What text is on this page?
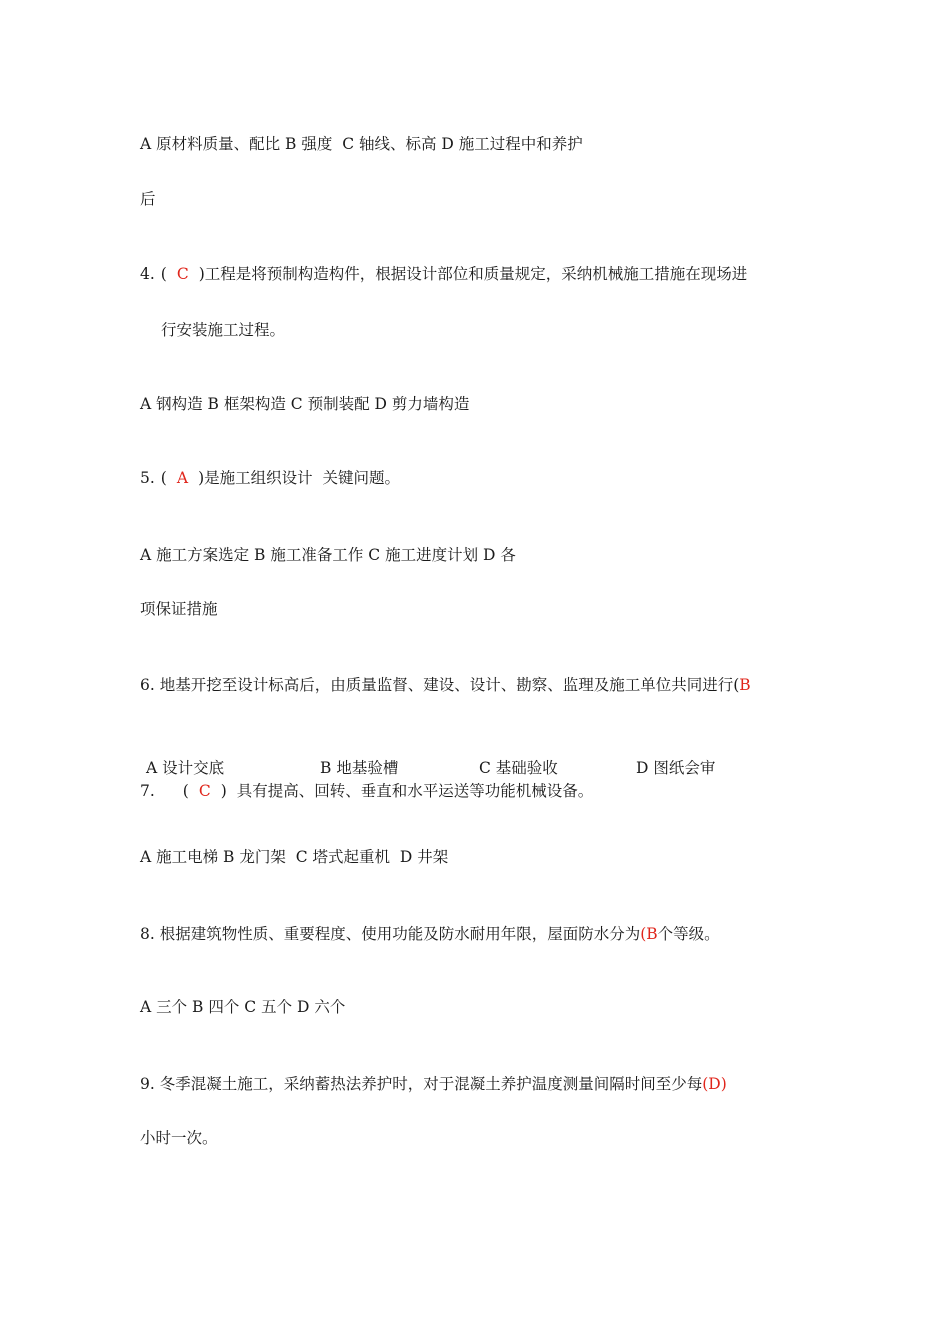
A 原材料质量、配比 B 强度  C 轴线、标高 D 施工过程中和养护
后
4. ( C )工程是将预制构造构件，根据设计部位和质量规定，采纳机械施工措施在现场进
行安装施工过程。
A 钢构造 B 框架构造 C 预制装配 D 剪力墙构造
5. ( A )是施工组织设计  关键问题。
A 施工方案选定 B 施工准备工作 C 施工进度计划 D 各
项保证措施
6. 地基开挖至设计标高后，由质量监督、建设、设计、勘察、监理及施工单位共同进行(B
A 设计交底	B 地基验槽	C 基础验收	D 图纸会审
7. ( C ) 具有提高、回转、垂直和水平运送等功能机械设备。
A 施工电梯 B 龙门架  C 塔式起重机  D 井架
8. 根据建筑物性质、重要程度、使用功能及防水耐用年限，屋面防水分为(B个等级。
A 三个 B 四个 C 五个 D 六个
9. 冬季混凝土施工，采纳蓄热法养护时，对于混凝土养护温度测量间隔时间至少每(D)
小时一次。
